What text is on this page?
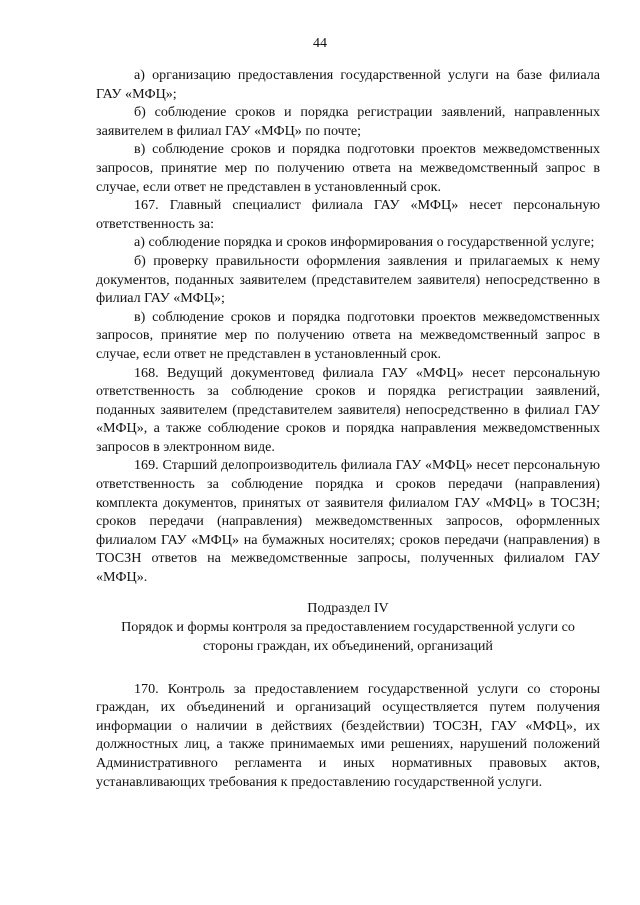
44

а) организацию предоставления государственной услуги на базе филиала ГАУ «МФЦ»;

б) соблюдение сроков и порядка регистрации заявлений, направленных заявителем в филиал ГАУ «МФЦ» по почте;

в) соблюдение сроков и порядка подготовки проектов межведомственных запросов, принятие мер по получению ответа на межведомственный запрос в случае, если ответ не представлен в установленный срок.

167. Главный специалист филиала ГАУ «МФЦ» несет персональную ответственность за:

а) соблюдение порядка и сроков информирования о государственной услуге;

б) проверку правильности оформления заявления и прилагаемых к нему документов, поданных заявителем (представителем заявителя) непосредственно в филиал ГАУ «МФЦ»;

в) соблюдение сроков и порядка подготовки проектов межведомственных запросов, принятие мер по получению ответа на межведомственный запрос в случае, если ответ не представлен в установленный срок.

168. Ведущий документовед филиала ГАУ «МФЦ» несет персональную ответственность за соблюдение сроков и порядка регистрации заявлений, поданных заявителем (представителем заявителя) непосредственно в филиал ГАУ «МФЦ», а также соблюдение сроков и порядка направления межведомственных запросов в электронном виде.

169. Старший делопроизводитель филиала ГАУ «МФЦ» несет персональную ответственность за соблюдение порядка и сроков передачи (направления) комплекта документов, принятых от заявителя филиалом ГАУ «МФЦ» в ТОСЗН; сроков передачи (направления) межведомственных запросов, оформленных филиалом ГАУ «МФЦ» на бумажных носителях; сроков передачи (направления) в ТОСЗН ответов на межведомственные запросы, полученных филиалом ГАУ «МФЦ».

Подраздел IV

Порядок и формы контроля за предоставлением государственной услуги со стороны граждан, их объединений, организаций

170. Контроль за предоставлением государственной услуги со стороны граждан, их объединений и организаций осуществляется путем получения информации о наличии в действиях (бездействии) ТОСЗН, ГАУ «МФЦ», их должностных лиц, а также принимаемых ими решениях, нарушений положений Административного регламента и иных нормативных правовых актов, устанавливающих требования к предоставлению государственной услуги.
